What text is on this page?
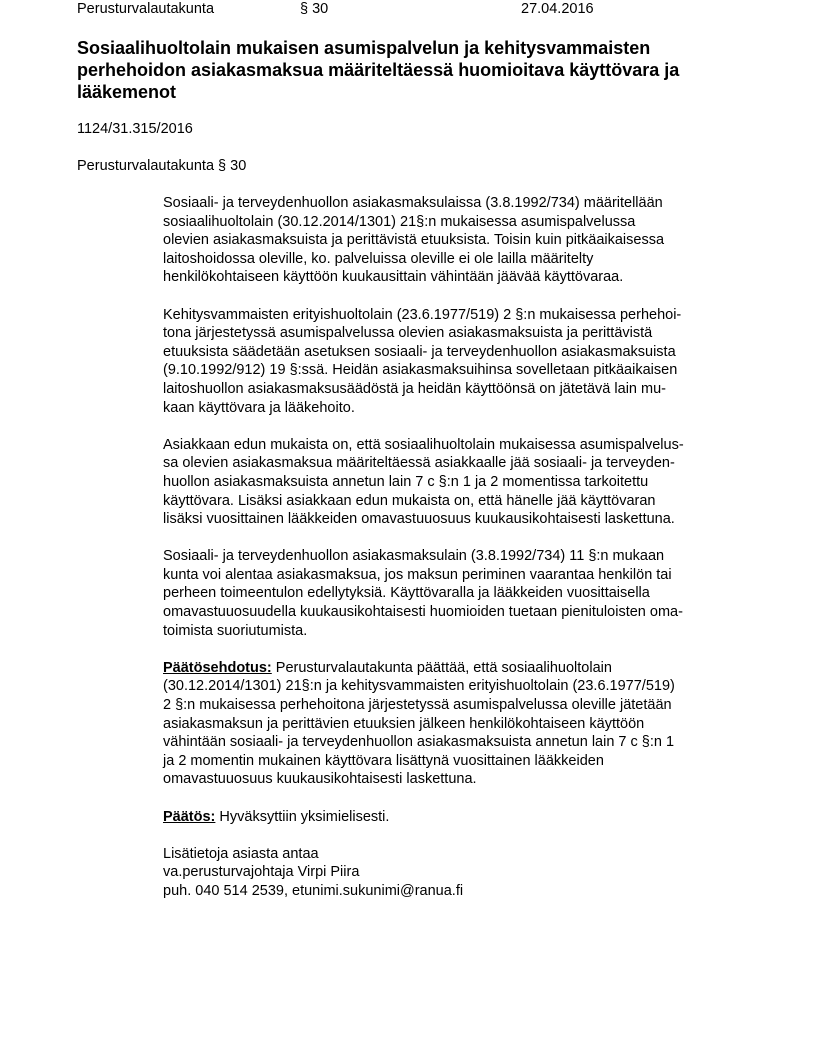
Perusturvalautakunta	§ 30	27.04.2016
Sosiaalihuoltolain mukaisen asumispalvelun ja kehitysvammaisten
perhehoidon asiakasmaksua määriteltäessä huomioitava käyttövara ja
lääkemenot
1124/31.315/2016
Perusturvalautakunta § 30
Sosiaali- ja terveydenhuollon asiakasmaksulaissa (3.8.1992/734) määritellään
sosiaalihuoltolain (30.12.2014/1301) 21§:n mukaisessa asumispalvelussa
olevien asiakasmaksuista ja perittävistä etuuksista. Toisin kuin pitkäaikaisessa
laitoshoidossa oleville, ko. palveluissa oleville ei ole lailla määritelty
henkilökohtaiseen käyttöön kuukausittain vähintään jäävää käyttövaraa.
Kehitysvammaisten erityishuoltolain (23.6.1977/519) 2 §:n mukaisessa perhehoi-
tona järjestetyssä asumispalvelussa olevien asiakasmaksuista ja perittävistä
etuuksista säädetään asetuksen sosiaali- ja terveydenhuollon asiakasmaksuista
(9.10.1992/912) 19 §:ssä. Heidän asiakasmaksuihinsa sovelletaan pitkäaikaisen
laitoshuollon asiakasmaksusäädöstä ja heidän käyttöönsä on jätetävä lain mu-
kaan käyttövara ja lääkehoito.
Asiakkaan edun mukaista on, että sosiaalihuoltolain mukaisessa asumispalvelus-
sa olevien asiakasmaksua määriteltäessä asiakkaalle jää sosiaali- ja terveyden-
huollon asiakasmaksuista annetun lain 7 c §:n 1 ja 2 momentissa tarkoitettu
käyttövara. Lisäksi asiakkaan edun mukaista on, että hänelle jää käyttövaran
lisäksi vuosittainen lääkkeiden omavastuuosuus kuukausikohtaisesti laskettuna.
Sosiaali- ja terveydenhuollon asiakasmaksulain (3.8.1992/734) 11 §:n mukaan
kunta voi alentaa asiakasmaksua, jos maksun periminen vaarantaa henkilön tai
perheen toimeentulon edellytyksiä. Käyttövaralla ja lääkkeiden vuosittaisella
omavastuuosuudella kuukausikohtaisesti huomioiden tuetaan pienituloisten oma-
toimista suoriutumista.
Päätösehdotus: Perusturvalautakunta päättää, että sosiaalihuoltolain
(30.12.2014/1301) 21§:n ja kehitysvammaisten erityishuoltolain (23.6.1977/519)
2 §:n mukaisessa perhehoitona järjestetyssä asumispalvelussa oleville jätetään
asiakasmaksun ja perittävien etuuksien jälkeen henkilökohtaiseen käyttöön
vähintään sosiaali- ja terveydenhuollon asiakasmaksuista annetun lain 7 c §:n 1
ja 2 momentin mukainen käyttövara lisättynä vuosittainen lääkkeiden
omavastuuosuus kuukausikohtaisesti laskettuna.
Päätös: Hyväksyttiin yksimielisesti.
Lisätietoja asiasta antaa
va.perusturvajohtaja Virpi Piira
puh. 040 514 2539, etunimi.sukunimi@ranua.fi
